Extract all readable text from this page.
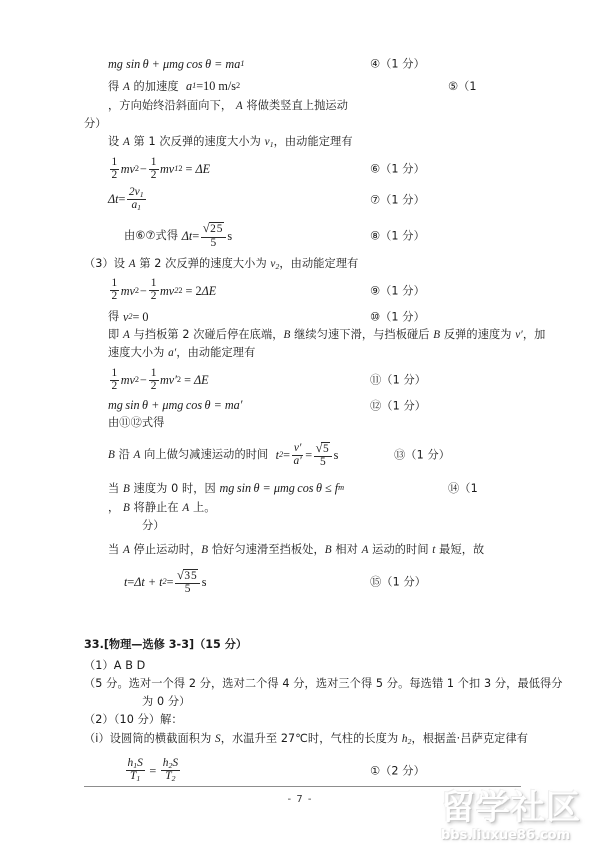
mg
sin
  θ + μmg
  cos
  θ = ma 1	④（1 分）
得 A 的加速度  a 1 = 10 m/s 2
，方向始终沿斜面向下， A 将做类竖直上抛运动
⑤（1
分）
设 A 第 1 次反弹的速度大小为 $v_1$，由动能定理有
$\frac{1}{2}$ mv $2 - \frac{1}{2}$ mv 1 2 = ΔE	⑥（1 分）
$\Delta t = \frac{2v_1}{a_1}$	⑦（1 分）
由⑥⑦式得 $\Delta t = \frac{√ 2 5}{5}$ s	⑧（1 分）
（3）设 A 第 2 次反弹的速度大小为 $v_2$，由动能定理有
$\frac{1}{2}$ mv $2 - \frac{1}{2}$ mv 2 2 = 2 ΔE	⑨（1 分）
得 v 2 = 0	⑩（1 分）
即 A 与挡板第 2 次碰后停在底端，B 继续匀速下滑，与挡板碰后 B 反弹的速度为 v′，加
速度大小为 a′，由动能定理有
$\frac{1}{2}$ mv $2 - \frac{1}{2} mv'$ 2 = ΔE	⑪（1 分）
mg
  sin
  θ + μmg
  cos
  θ = ma′	⑫（1 分）
由⑪⑫式得
B 沿 A 向上做匀减速运动的时间 t $2 = \frac{v'}{a'} = \frac{√ 5}{5}$ s	⑬（1 分）
当 B 速度为 0 时，因 mg
  sin
  θ = μmg
  cos
  θ ≤ f m
， B 将静止在 A 上。
⑭（1
分）
当 A 停止运动时，B 恰好匀速滑至挡板处，B 相对 A 运动的时间 t 最短，故
t = Δt + t $2 = \frac{√ 3 5}{5}$ s	⑮（1 分）
33.[物理—选修 3-3]（15 分）
（1）A B D
（5 分。选对一个得 2 分，选对二个得 4 分，选对三个得 5 分。每选错 1 个扣 3 分，最低得分
为 0 分）
（2）（10 分）解：
（i）设圆筒的横截面积为 S，水温升至 27℃时，气柱的长度为 $h_2$，根据盖·吕萨克定律有
$\frac{h_1S}{T_1} = \frac{h_2S}{T_2}$	①（2 分）
- 7 -	留学社区
bbs.liuxue86.com
